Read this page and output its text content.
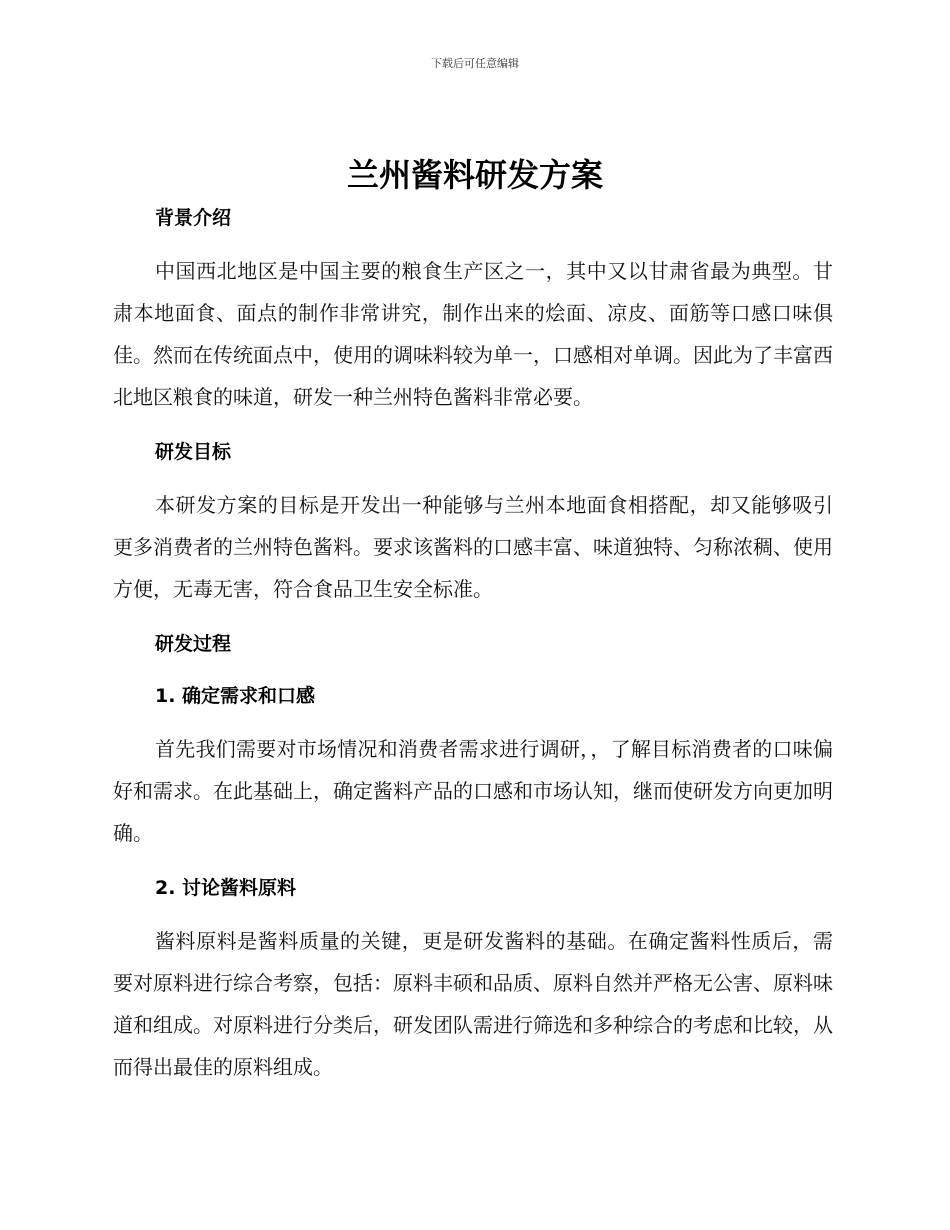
下载后可任意编辑
兰州酱料研发方案
背景介绍

中国西北地区是中国主要的粮食生产区之一，其中又以甘肃省最为典型。甘肃本地面食、面点的制作非常讲究，制作出来的烩面、凉皮、面筋等口感口味俱佳。然而在传统面点中，使用的调味料较为单一，口感相对单调。因此为了丰富西北地区粮食的味道，研发一种兰州特色酱料非常必要。

研发目标

本研发方案的目标是开发出一种能够与兰州本地面食相搭配，却又能够吸引更多消费者的兰州特色酱料。要求该酱料的口感丰富、味道独特、匀称浓稠、使用方便，无毒无害，符合食品卫生安全标准。

研发过程
1. 确定需求和口感

首先我们需要对市场情况和消费者需求进行调研，，了解目标消费者的口味偏好和需求。在此基础上，确定酱料产品的口感和市场认知，继而使研发方向更加明确。

2. 讨论酱料原料

酱料原料是酱料质量的关键，更是研发酱料的基础。在确定酱料性质后，需要对原料进行综合考察，包括：原料丰硕和品质、原料自然并严格无公害、原料味道和组成。对原料进行分类后，研发团队需进行筛选和多种综合的考虑和比较，从而得出最佳的原料组成。
